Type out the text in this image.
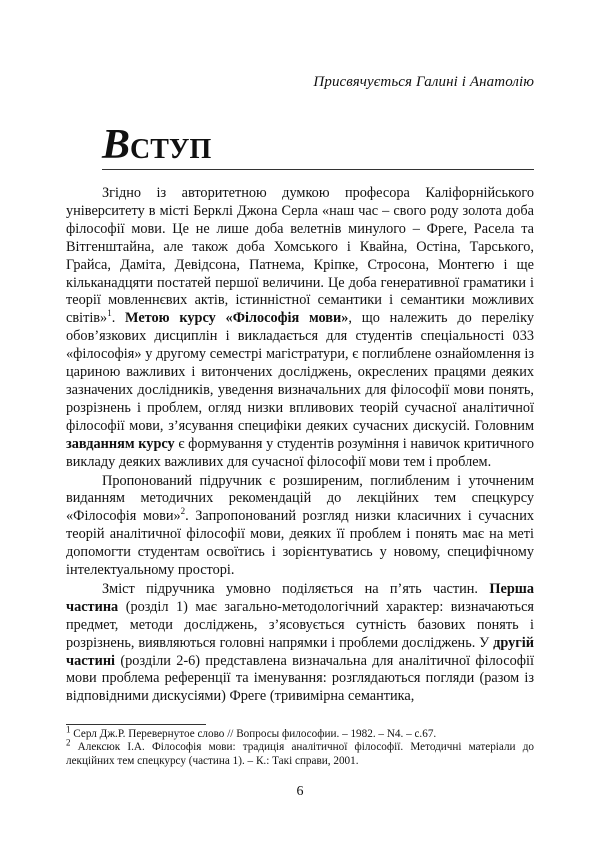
Присвячується Галині і Анатолію
ВСТУП

Згідно із авторитетною думкою професора Каліфорнійського університету в місті Берклі Джона Серла «наш час – свого роду золота доба філософії мови. Це не лише доба велетнів минулого – Фреге, Расела та Вітгенштайна, але також доба Хомського і Квайна, Остіна, Тарського, Грайса, Даміта, Девідсона, Патнема, Кріпке, Стросона, Монтегю і ще кільканадцяти постатей першої величини. Це доба генеративної граматики і теорії мовленнєвих актів, істинністної семантики і семантики можливих світів»$^1$. Метою курсу «Філософія мови», що належить до переліку обов’язкових дисциплін і викладається для студентів спеціальності 033 «філософія» у другому семестрі магістратури, є поглиблене ознайомлення із цариною важливих і витончених досліджень, окреслених працями деяких зазначених дослідників, уведення визначальних для філософії мови понять, розрізнень і проблем, огляд низки впливових теорій сучасної аналітичної філософії мови, з’ясування специфіки деяких сучасних дискусій. Головним завданням курсу є формування у студентів розуміння і навичок критичного викладу деяких важливих для сучасної філософії мови тем і проблем.

Пропонований підручник є розширеним, поглибленим і уточненим виданням методичних рекомендацій до лекційних тем спецкурсу «Філософія мови»$^2$. Запропонований розгляд низки класичних і сучасних теорій аналітичної філософії мови, деяких її проблем і понять має на меті допомогти студентам освоїтись і зорієнтуватись у новому, специфічному інтелектуальному просторі.

Зміст підручника умовно поділяється на п’ять частин. Перша частина (розділ 1) має загально-методологічний характер: визначаються предмет, методи досліджень, з’ясовується сутність базових понять і розрізнень, виявляються головні напрямки і проблеми досліджень. У другій частині (розділи 2-6) представлена визначальна для аналітичної філософії мови проблема референції та іменування: розглядаються погляди (разом із відповідними дискусіями) Фреге (тривимірна семантика,

$^1$ Серл Дж.Р. Перевернутое слово // Вопросы философии. – 1982. – N4. – с.67.

$^2$ Алексюк І.А. Філософія мови: традиція аналітичної філософії. Методичні матеріали до лекційних тем спецкурсу (частина 1). – К.: Такі справи, 2001.

6
